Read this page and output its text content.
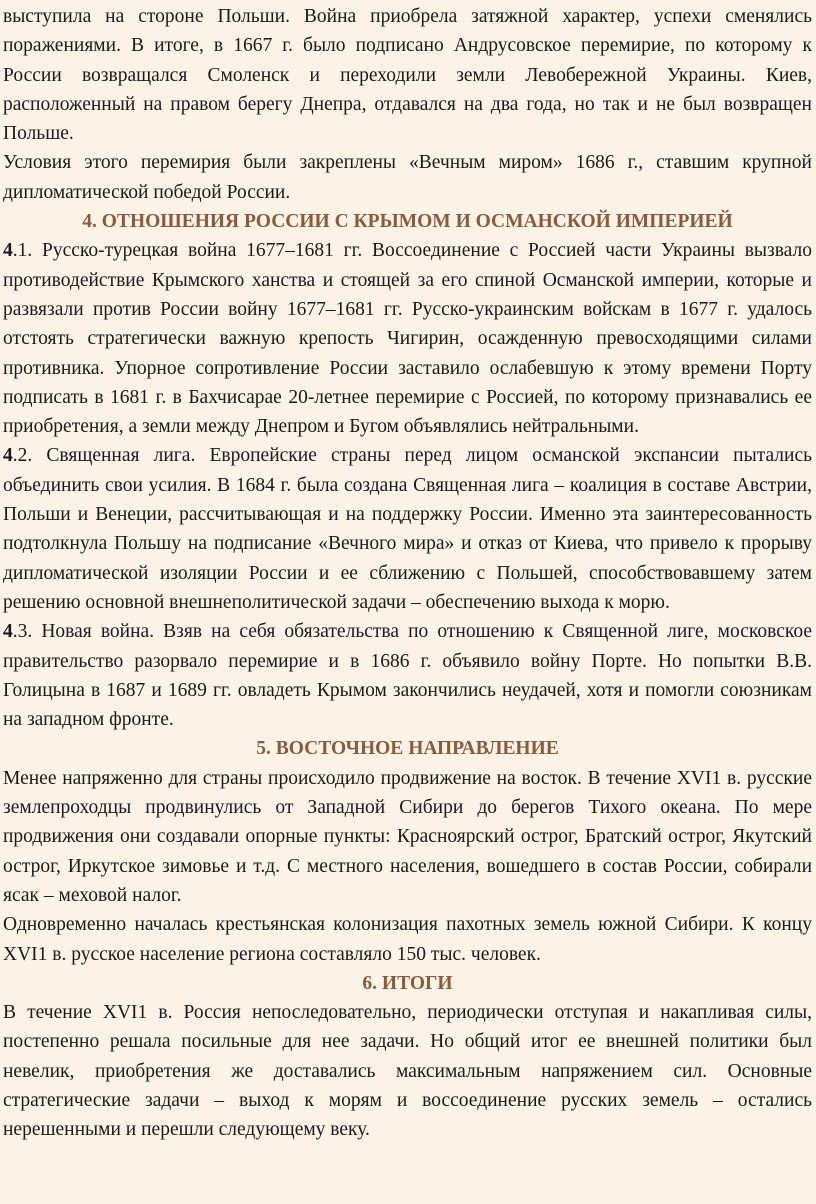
выступила на стороне Польши. Война приобрела затяжной характер, успехи сменялись поражениями. В итоге, в 1667 г. было подписано Андрусовское перемирие, по которому к России возвращался Смоленск и переходили земли Левобережной Украины. Киев, расположенный на правом берегу Днепра, отдавался на два года, но так и не был возвращен Польше.

Условия этого перемирия были закреплены «Вечным миром» 1686 г., ставшим крупной дипломатической победой России.

4. ОТНОШЕНИЯ РОССИИ С КРЫМОМ И ОСМАНСКОЙ ИМПЕРИЕЙ

4.1. Русско-турецкая война 1677–1681 гг. Воссоединение с Россией части Украины вызвало противодействие Крымского ханства и стоящей за его спиной Османской империи, которые и развязали против России войну 1677–1681 гг. Русско-украинским войскам в 1677 г. удалось отстоять стратегически важную крепость Чигирин, осажденную превосходящими силами противника. Упорное сопротивление России заставило ослабевшую к этому времени Порту подписать в 1681 г. в Бахчисарае 20-летнее перемирие с Россией, по которому признавались ее приобретения, а земли между Днепром и Бугом объявлялись нейтральными.

4.2. Священная лига. Европейские страны перед лицом османской экспансии пытались объединить свои усилия. В 1684 г. была создана Священная лига – коалиция в составе Австрии, Польши и Венеции, рассчитывающая и на поддержку России. Именно эта заинтересованность подтолкнула Польшу на подписание «Вечного мира» и отказ от Киева, что привело к прорыву дипломатической изоляции России и ее сближению с Польшей, способствовавшему затем решению основной внешнеполитической задачи – обеспечению выхода к морю.

4.3. Новая война. Взяв на себя обязательства по отношению к Священной лиге, московское правительство разорвало перемирие и в 1686 г. объявило войну Порте. Но попытки В.В. Голицына в 1687 и 1689 гг. овладеть Крымом закончились неудачей, хотя и помогли союзникам на западном фронте.

5. ВОСТОЧНОЕ НАПРАВЛЕНИЕ

Менее напряженно для страны происходило продвижение на восток. В течение XVI1 в. русские землепроходцы продвинулись от Западной Сибири до берегов Тихого океана. По мере продвижения они создавали опорные пункты: Красноярский острог, Братский острог, Якутский острог, Иркутское зимовье и т.д. С местного населения, вошедшего в состав России, собирали ясак – меховой налог.

Одновременно началась крестьянская колонизация пахотных земель южной Сибири. К концу XVI1 в. русское население региона составляло 150 тыс. человек.

6. ИТОГИ

В течение XVI1 в. Россия непоследовательно, периодически отступая и накапливая силы, постепенно решала посильные для нее задачи. Но общий итог ее внешней политики был невелик, приобретения же доставались максимальным напряжением сил. Основные стратегические задачи – выход к морям и воссоединение русских земель – остались нерешенными и перешли следующему веку.
